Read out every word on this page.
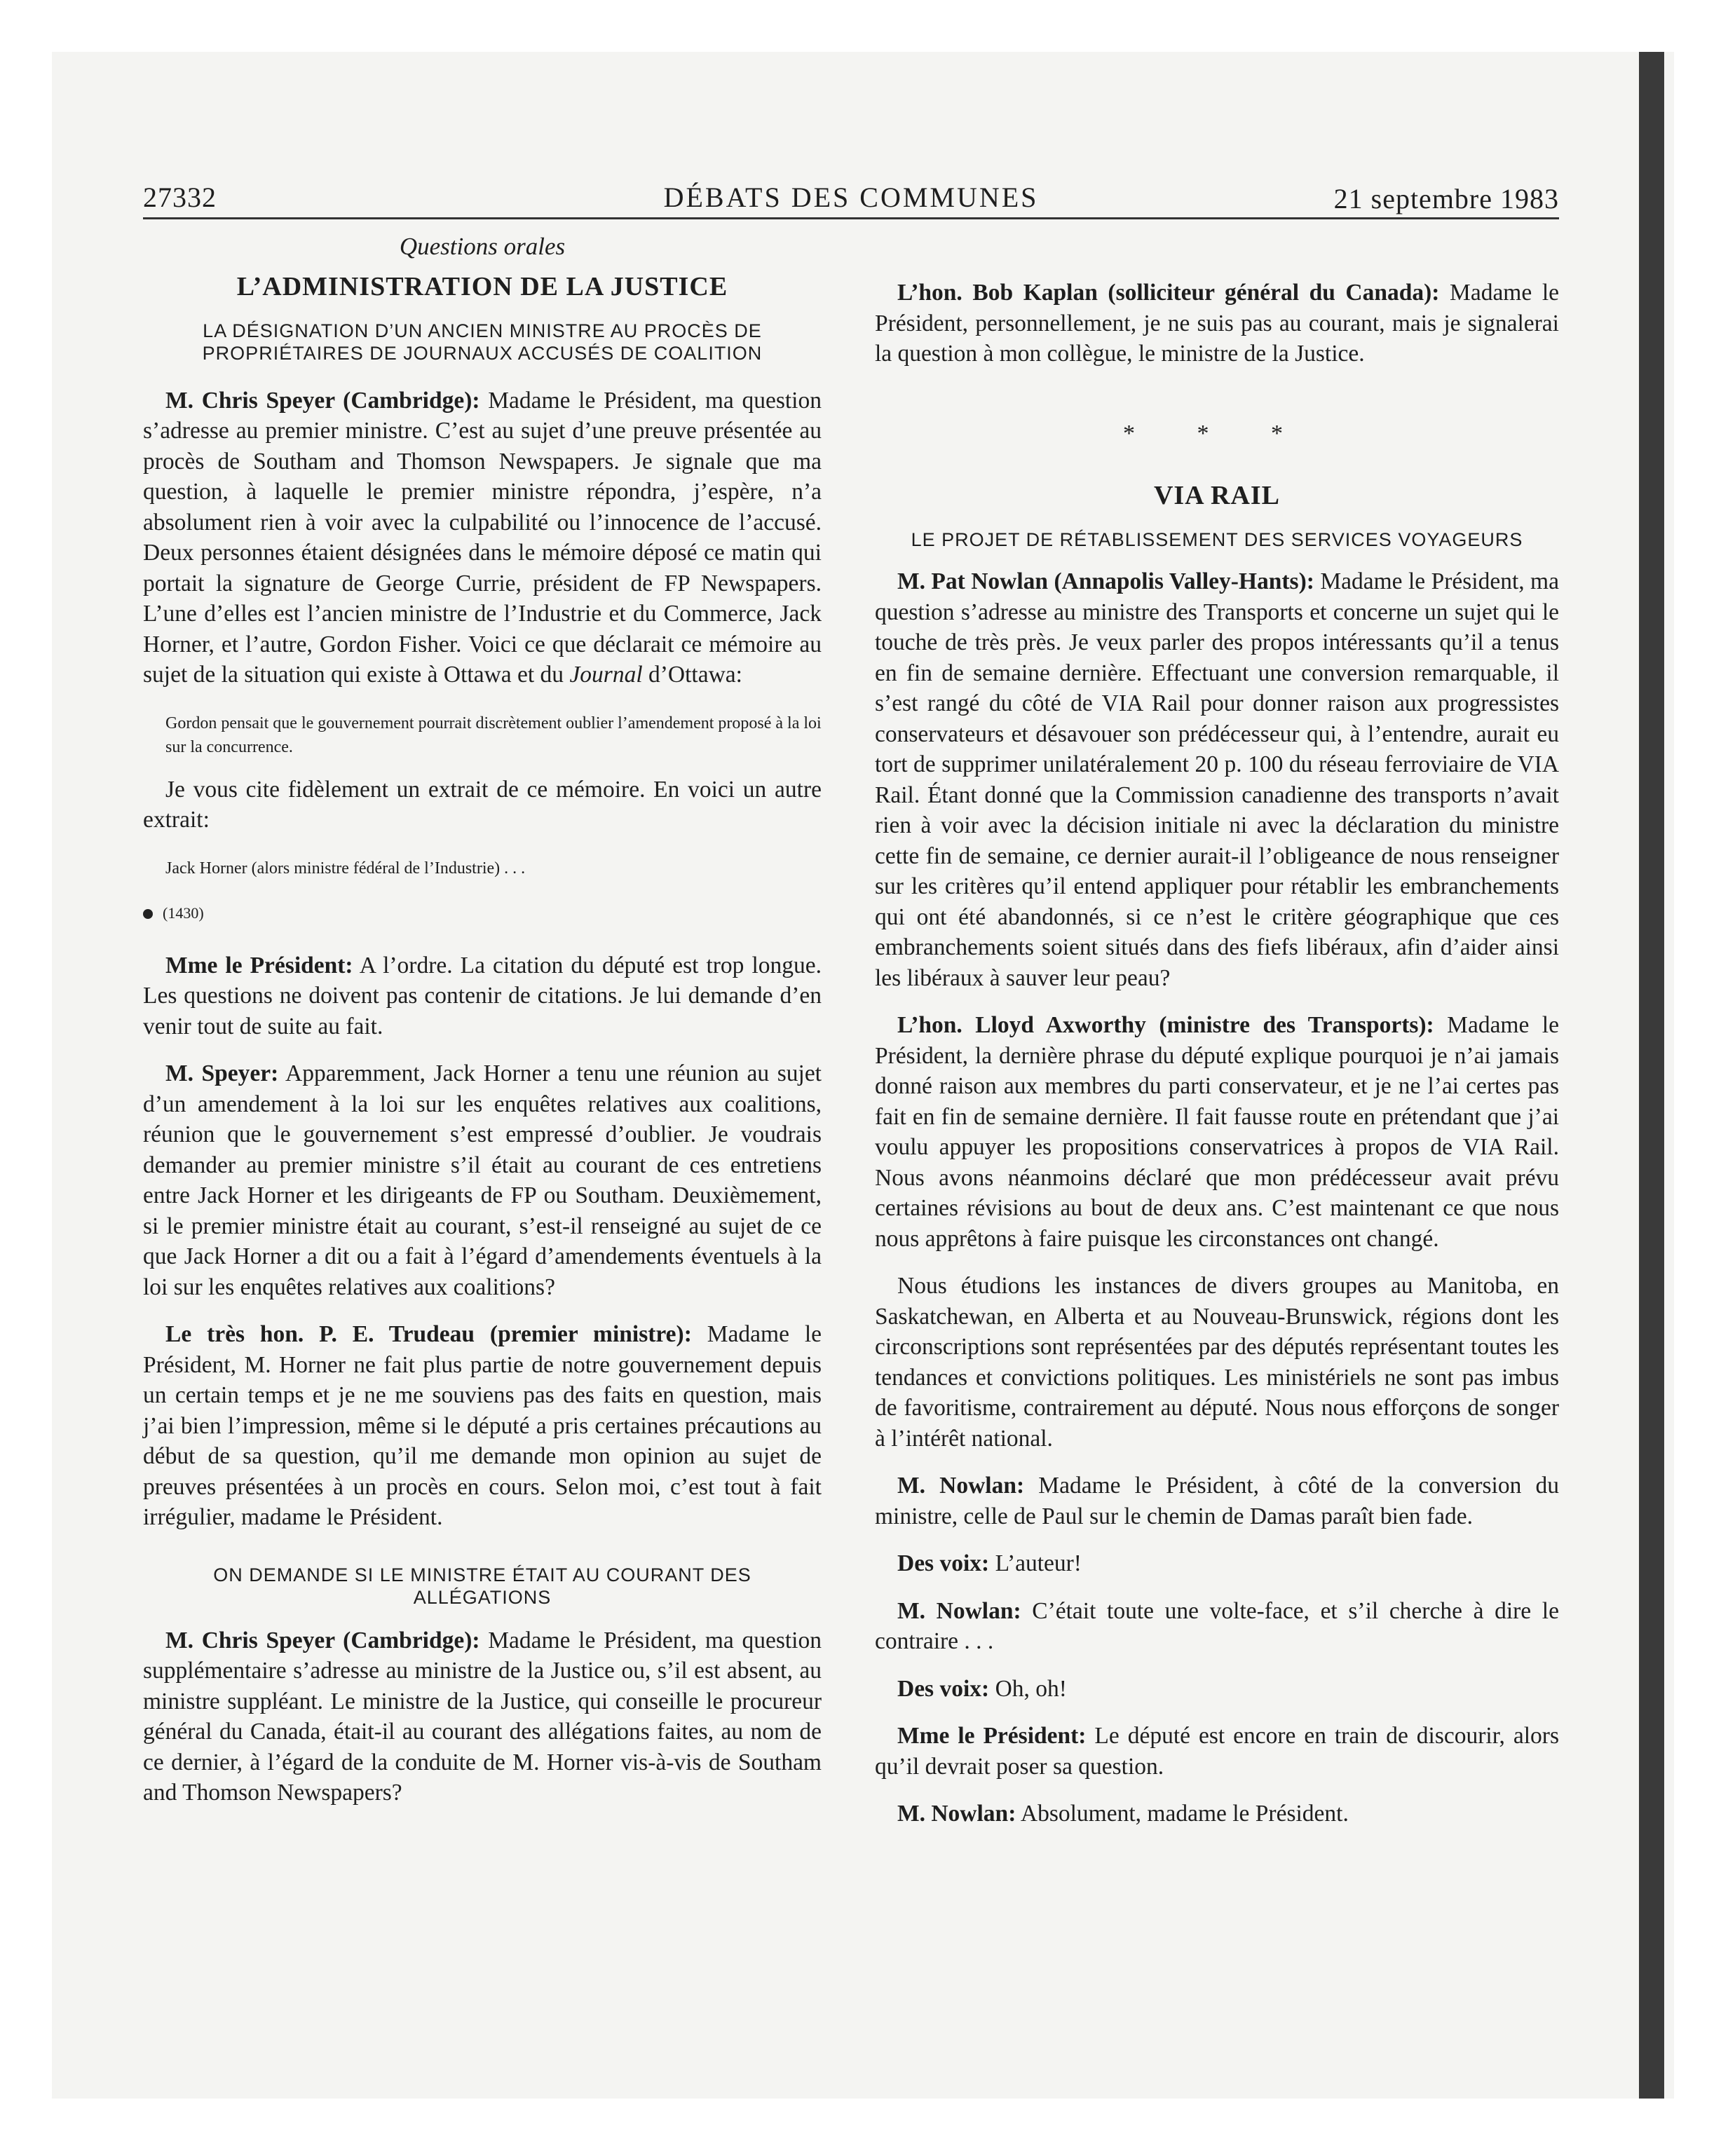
27332	DÉBATS DES COMMUNES	21 septembre 1983

Questions orales

L’ADMINISTRATION DE LA JUSTICE

LA DÉSIGNATION D’UN ANCIEN MINISTRE AU PROCÈS DE PROPRIÉTAIRES DE JOURNAUX ACCUSÉS DE COALITION

M. Chris Speyer (Cambridge): Madame le Président, ma question s’adresse au premier ministre. C’est au sujet d’une preuve présentée au procès de Southam and Thomson Newspapers. Je signale que ma question, à laquelle le premier ministre répondra, j’espère, n’a absolument rien à voir avec la culpabilité ou l’innocence de l’accusé. Deux personnes étaient désignées dans le mémoire déposé ce matin qui portait la signature de George Currie, président de FP Newspapers. L’une d’elles est l’ancien ministre de l’Industrie et du Commerce, Jack Horner, et l’autre, Gordon Fisher. Voici ce que déclarait ce mémoire au sujet de la situation qui existe à Ottawa et du Journal d’Ottawa:

Gordon pensait que le gouvernement pourrait discrètement oublier l’amendement proposé à la loi sur la concurrence.

Je vous cite fidèlement un extrait de ce mémoire. En voici un autre extrait:

Jack Horner (alors ministre fédéral de l’Industrie) . . .

(1430)

Mme le Président: A l’ordre. La citation du député est trop longue. Les questions ne doivent pas contenir de citations. Je lui demande d’en venir tout de suite au fait.

M. Speyer: Apparemment, Jack Horner a tenu une réunion au sujet d’un amendement à la loi sur les enquêtes relatives aux coalitions, réunion que le gouvernement s’est empressé d’oublier. Je voudrais demander au premier ministre s’il était au courant de ces entretiens entre Jack Horner et les dirigeants de FP ou Southam. Deuxièmement, si le premier ministre était au courant, s’est-il renseigné au sujet de ce que Jack Horner a dit ou a fait à l’égard d’amendements éventuels à la loi sur les enquêtes relatives aux coalitions?

Le très hon. P. E. Trudeau (premier ministre): Madame le Président, M. Horner ne fait plus partie de notre gouvernement depuis un certain temps et je ne me souviens pas des faits en question, mais j’ai bien l’impression, même si le député a pris certaines précautions au début de sa question, qu’il me demande mon opinion au sujet de preuves présentées à un procès en cours. Selon moi, c’est tout à fait irrégulier, madame le Président.

ON DEMANDE SI LE MINISTRE ÉTAIT AU COURANT DES ALLÉGATIONS

M. Chris Speyer (Cambridge): Madame le Président, ma question supplémentaire s’adresse au ministre de la Justice ou, s’il est absent, au ministre suppléant. Le ministre de la Justice, qui conseille le procureur général du Canada, était-il au courant des allégations faites, au nom de ce dernier, à l’égard de la conduite de M. Horner vis-à-vis de Southam and Thomson Newspapers?

L’hon. Bob Kaplan (solliciteur général du Canada): Madame le Président, personnellement, je ne suis pas au courant, mais je signalerai la question à mon collègue, le ministre de la Justice.

* * *

VIA RAIL

LE PROJET DE RÉTABLISSEMENT DES SERVICES VOYAGEURS

M. Pat Nowlan (Annapolis Valley-Hants): Madame le Président, ma question s’adresse au ministre des Transports et concerne un sujet qui le touche de très près. Je veux parler des propos intéressants qu’il a tenus en fin de semaine dernière. Effectuant une conversion remarquable, il s’est rangé du côté de VIA Rail pour donner raison aux progressistes conservateurs et désavouer son prédécesseur qui, à l’entendre, aurait eu tort de supprimer unilatéralement 20 p. 100 du réseau ferroviaire de VIA Rail. Étant donné que la Commission canadienne des transports n’avait rien à voir avec la décision initiale ni avec la déclaration du ministre cette fin de semaine, ce dernier aurait-il l’obligeance de nous renseigner sur les critères qu’il entend appliquer pour rétablir les embranchements qui ont été abandonnés, si ce n’est le critère géographique que ces embranchements soient situés dans des fiefs libéraux, afin d’aider ainsi les libéraux à sauver leur peau?

L’hon. Lloyd Axworthy (ministre des Transports): Madame le Président, la dernière phrase du député explique pourquoi je n’ai jamais donné raison aux membres du parti conservateur, et je ne l’ai certes pas fait en fin de semaine dernière. Il fait fausse route en prétendant que j’ai voulu appuyer les propositions conservatrices à propos de VIA Rail. Nous avons néanmoins déclaré que mon prédécesseur avait prévu certaines révisions au bout de deux ans. C’est maintenant ce que nous nous apprêtons à faire puisque les circonstances ont changé.

Nous étudions les instances de divers groupes au Manitoba, en Saskatchewan, en Alberta et au Nouveau-Brunswick, régions dont les circonscriptions sont représentées par des députés représentant toutes les tendances et convictions politiques. Les ministériels ne sont pas imbus de favoritisme, contrairement au député. Nous nous efforçons de songer à l’intérêt national.

M. Nowlan: Madame le Président, à côté de la conversion du ministre, celle de Paul sur le chemin de Damas paraît bien fade.

Des voix: L’auteur!

M. Nowlan: C’était toute une volte-face, et s’il cherche à dire le contraire . . .

Des voix: Oh, oh!

Mme le Président: Le député est encore en train de discourir, alors qu’il devrait poser sa question.

M. Nowlan: Absolument, madame le Président.
